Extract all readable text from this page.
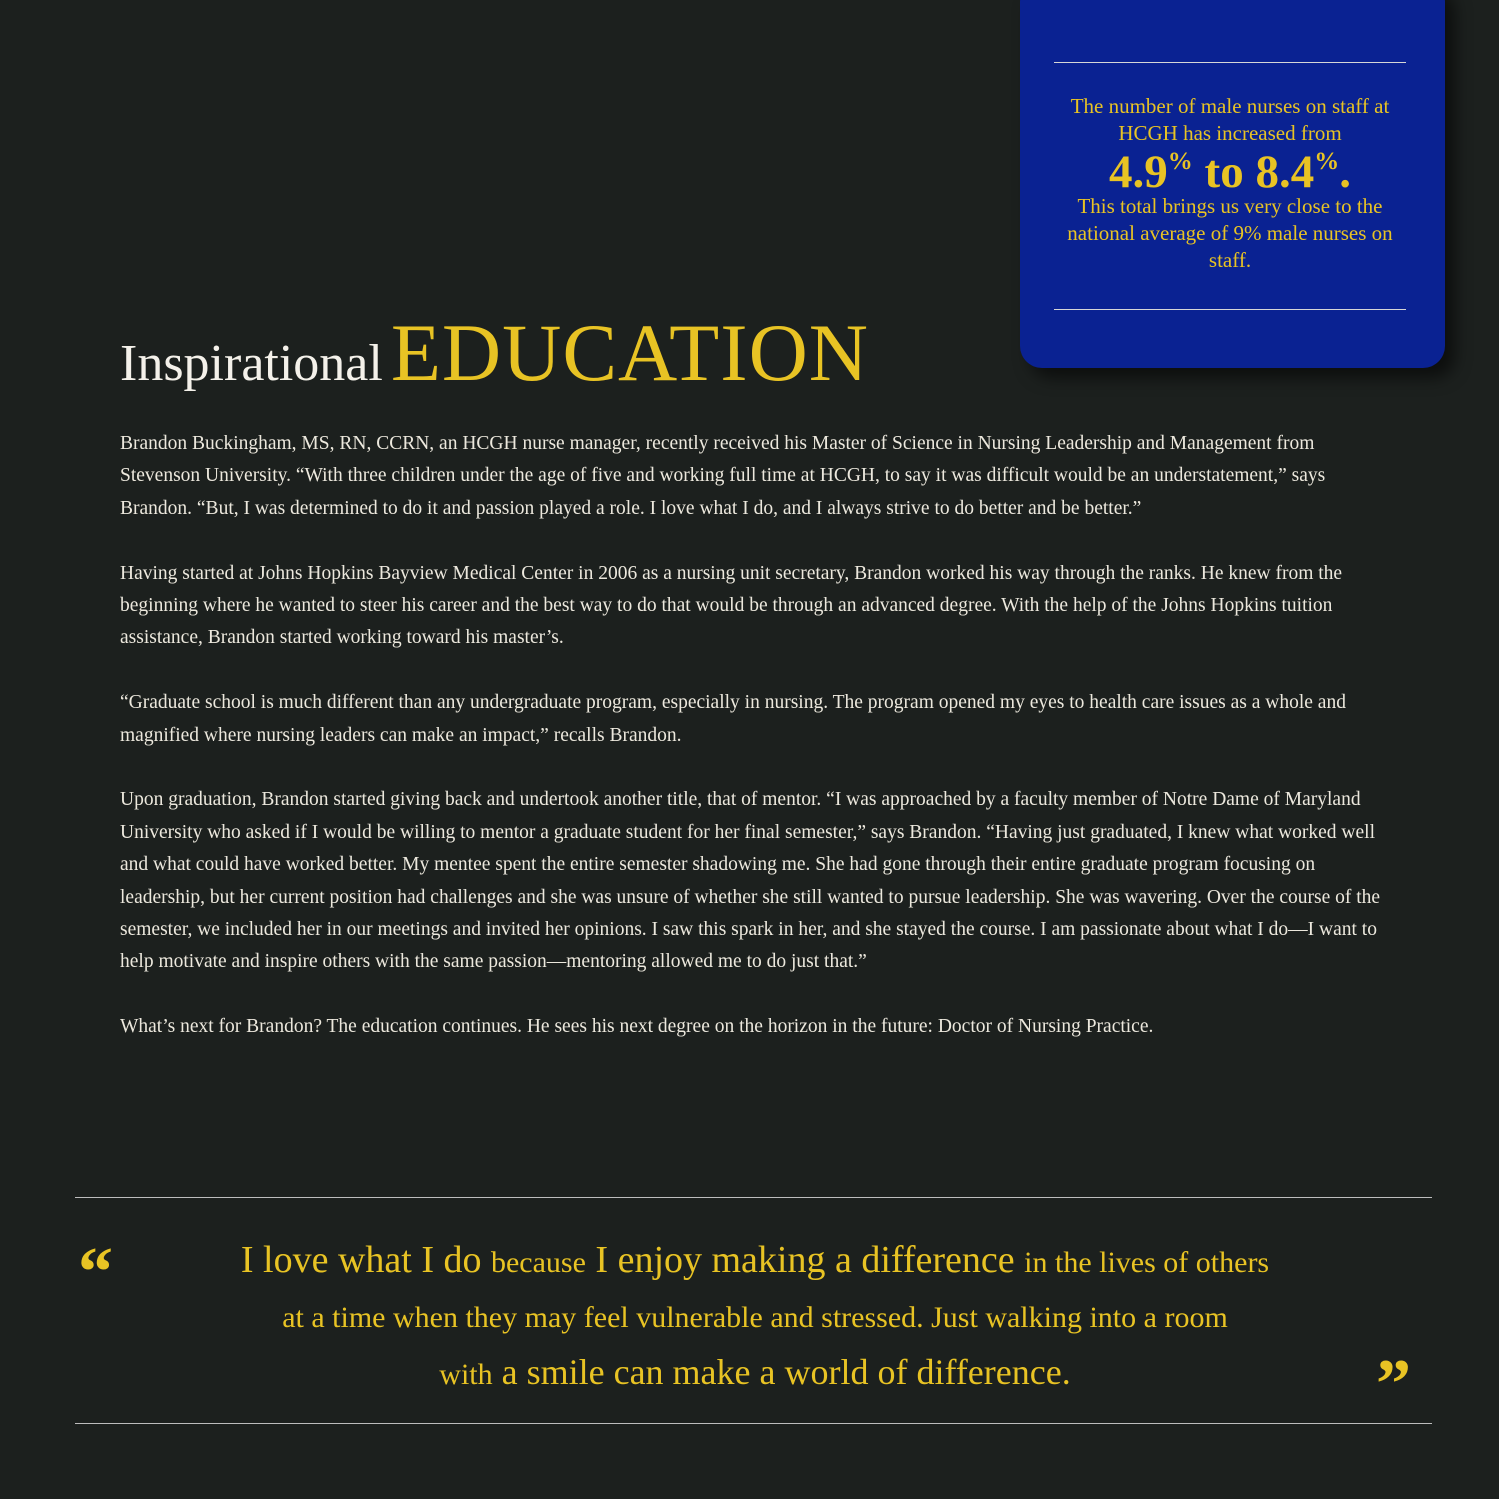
The number of male nurses on staff at HCGH has increased from
4.9% to 8.4%.
This total brings us very close to the national average of 9% male nurses on staff.
Inspirational EDUCATION

Brandon Buckingham, MS, RN, CCRN, an HCGH nurse manager, recently received his Master of Science in Nursing Leadership and Management from Stevenson University. “With three children under the age of five and working full time at HCGH, to say it was difficult would be an understatement,” says Brandon. “But, I was determined to do it and passion played a role. I love what I do, and I always strive to do better and be better.”

Having started at Johns Hopkins Bayview Medical Center in 2006 as a nursing unit secretary, Brandon worked his way through the ranks. He knew from the beginning where he wanted to steer his career and the best way to do that would be through an advanced degree. With the help of the Johns Hopkins tuition assistance, Brandon started working toward his master’s.

“Graduate school is much different than any undergraduate program, especially in nursing. The program opened my eyes to health care issues as a whole and magnified where nursing leaders can make an impact,” recalls Brandon.

Upon graduation, Brandon started giving back and undertook another title, that of mentor. “I was approached by a faculty member of Notre Dame of Maryland University who asked if I would be willing to mentor a graduate student for her final semester,” says Brandon. “Having just graduated, I knew what worked well and what could have worked better. My mentee spent the entire semester shadowing me. She had gone through their entire graduate program focusing on leadership, but her current position had challenges and she was unsure of whether she still wanted to pursue leadership. She was wavering. Over the course of the semester, we included her in our meetings and invited her opinions. I saw this spark in her, and she stayed the course. I am passionate about what I do—I want to help motivate and inspire others with the same passion—mentoring allowed me to do just that.”

What’s next for Brandon? The education continues. He sees his next degree on the horizon in the future: Doctor of Nursing Practice.

“	I love what I do because I enjoy making a difference in the lives of others
at a time when they may feel vulnerable and stressed. Just walking into a room
with a smile can make a world of difference.	”
